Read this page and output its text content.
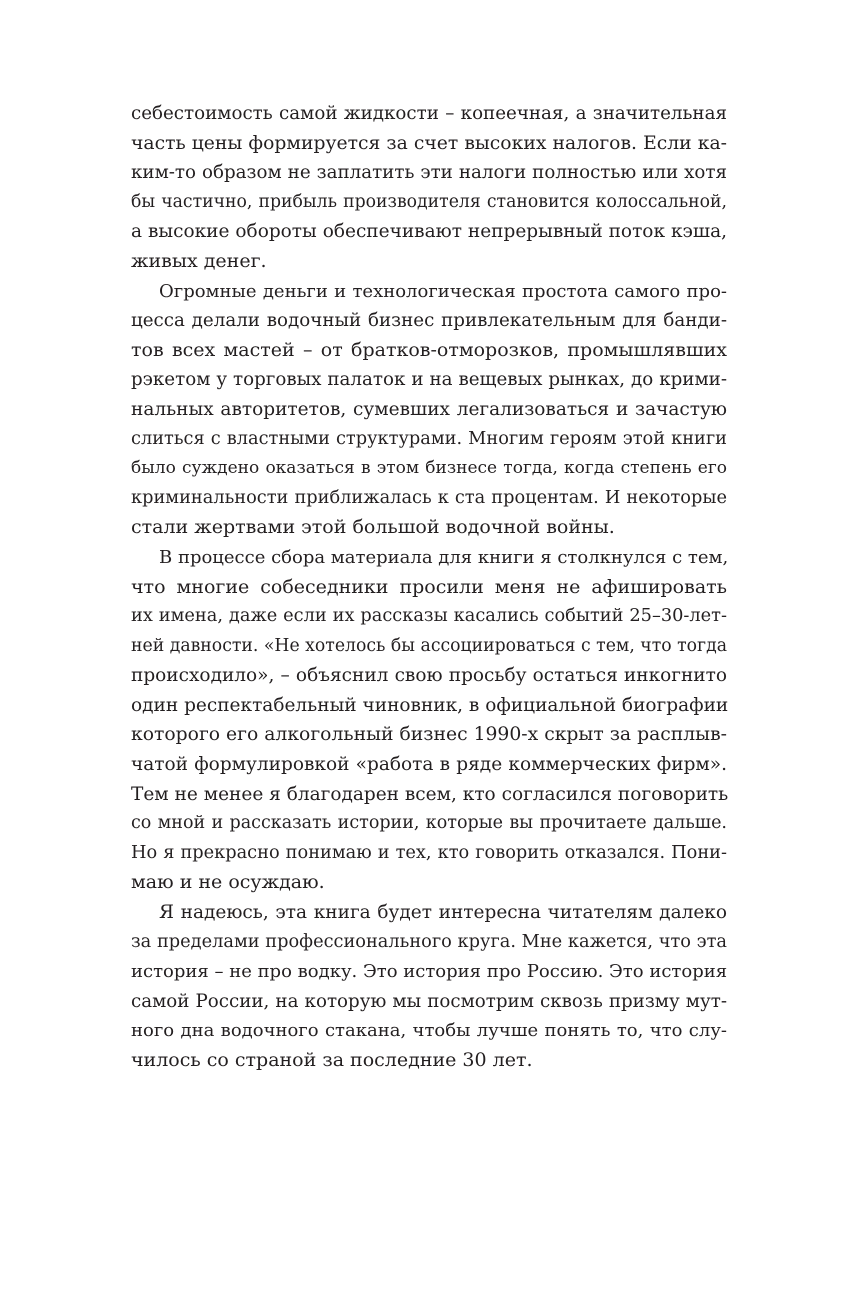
себестоимость самой жидкости – копеечная, а значительная
часть цены формируется за счет высоких налогов. Если ка-
ким-то образом не заплатить эти налоги полностью или хотя
бы частично, прибыль производителя становится колоссальной,
а высокие обороты обеспечивают непрерывный поток кэша,
живых денег.
Огромные деньги и технологическая простота самого про-
цесса делали водочный бизнес привлекательным для банди-
тов всех мастей – от братков-отморозков, промышлявших
рэкетом у торговых палаток и на вещевых рынках, до крими-
нальных авторитетов, сумевших легализоваться и зачастую
слиться с властными структурами. Многим героям этой книги
было суждено оказаться в этом бизнесе тогда, когда степень его
криминальности приближалась к ста процентам. И некоторые
стали жертвами этой большой водочной войны.
В процессе сбора материала для книги я столкнулся с тем,
что многие собеседники просили меня не афишировать
их имена, даже если их рассказы касались событий 25–30-лет-
ней давности. «Не хотелось бы ассоциироваться с тем, что тогда
происходило», – объяснил свою просьбу остаться инкогнито
один респектабельный чиновник, в официальной биографии
которого его алкогольный бизнес 1990-х скрыт за расплыв-
чатой формулировкой «работа в ряде коммерческих фирм».
Тем не менее я благодарен всем, кто согласился поговорить
со мной и рассказать истории, которые вы прочитаете дальше.
Но я прекрасно понимаю и тех, кто говорить отказался. Пони-
маю и не осуждаю.
Я надеюсь, эта книга будет интересна читателям далеко
за пределами профессионального круга. Мне кажется, что эта
история – не про водку. Это история про Россию. Это история
самой России, на которую мы посмотрим сквозь призму мут-
ного дна водочного стакана, чтобы лучше понять то, что слу-
чилось со страной за последние 30 лет.
